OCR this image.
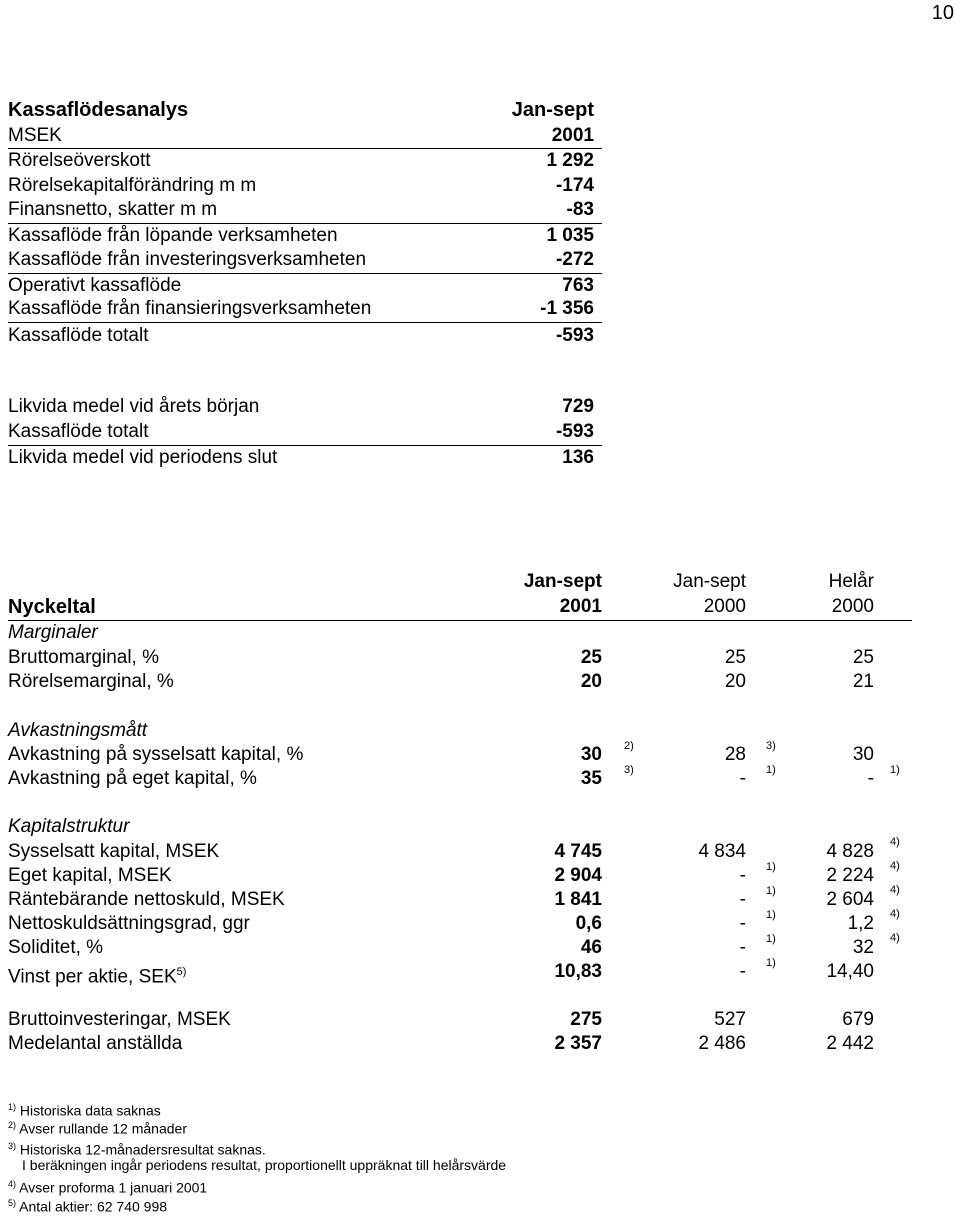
10
Kassaflödesanalys	Jan-sept
MSEK	2001
Rörelseöverskott	1 292
Rörelsekapitalförändring m m	-174
Finansnetto, skatter m m	-83
Kassaflöde från löpande verksamheten	1 035
Kassaflöde från investeringsverksamheten	-272
Operativt kassaflöde	763
Kassaflöde från finansieringsverksamheten	-1 356
Kassaflöde totalt	-593
Likvida medel vid årets början	729
Kassaflöde totalt	-593
Likvida medel vid periodens slut	136
Jan-sept	Jan-sept	Helår
Nyckeltal	2001	2000	2000
Marginaler
Bruttomarginal, %	25	25	25
Rörelsemarginal, %	20	20	21
Avkastningsmått
Avkastning på sysselsatt kapital, %	30 2)	28 3)	30
Avkastning på eget kapital, %	35 3)	- 1)	- 1)
Kapitalstruktur
Sysselsatt kapital, MSEK	4 745	4 834	4 828 4)
Eget kapital, MSEK	2 904	- 1)	2 224 4)
Räntebärande nettoskuld, MSEK	1 841	- 1)	2 604 4)
Nettoskuldsättningsgrad, ggr	0,6	- 1)	1,2 4)
Soliditet, %	46	- 1)	32 4)
Vinst per aktie, SEK$^{5)}$	10,83	- 1)	14,40
Bruttoinvesteringar, MSEK	275	527	679
Medelantal anställda	2 357	2 486	2 442
$^{1)}$ Historiska data saknas
$^{2)}$ Avser rullande 12 månader
$^{3)}$ Historiska 12-månadersresultat saknas.
I beräkningen ingår periodens resultat, proportionellt uppräknat till helårsvärde
$^{4)}$ Avser proforma 1 januari 2001
$^{5)}$ Antal aktier: 62 740 998
